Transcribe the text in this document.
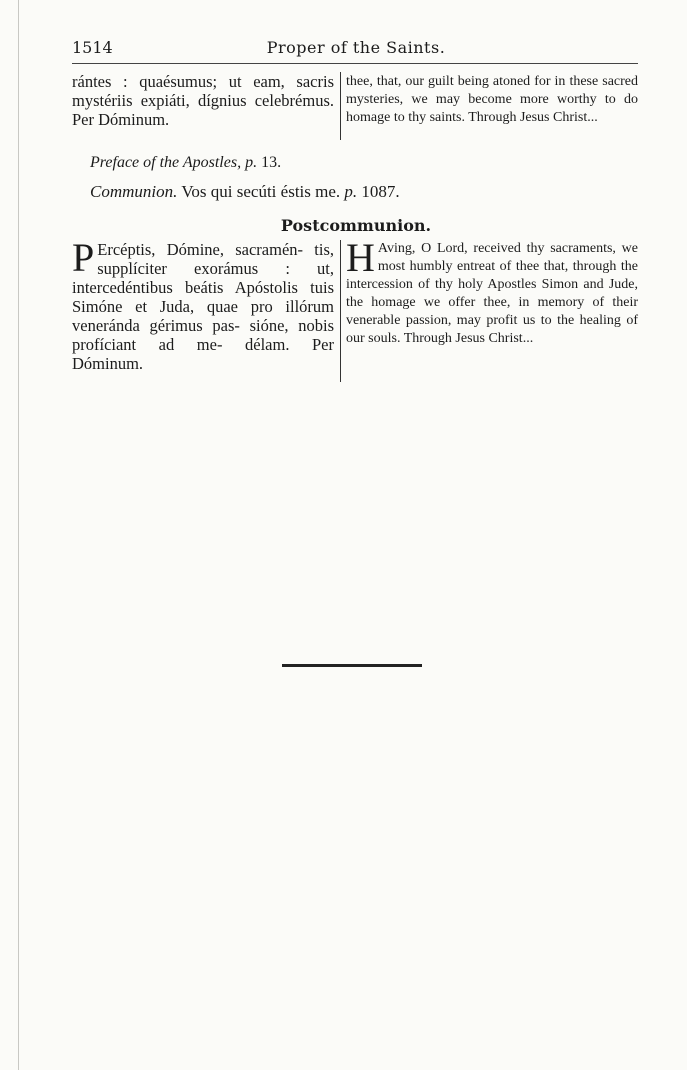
1514	Proper of the Saints.
rántes : quaésumus; ut eam, sacris mystériis expiáti, dígnius celebrémus. Per Dóminum.
thee, that, our guilt being atoned for in these sacred mysteries, we may become more worthy to do homage to thy saints. Through Jesus Christ...
Preface of the Apostles, p. 13.
Communion. Vos qui secúti éstis me. p. 1087.
Postcommunion.
P Ercéptis, Dómine, sacramén- tis, supplíciter exorámus : ut, intercedéntibus beátis Apóstolis tuis Simóne et Juda, quae pro illórum veneránda gérimus pas- sióne, nobis profíciant ad me- délam. Per Dóminum.
H Aving, O Lord, received thy sacraments, we most humbly entreat of thee that, through the intercession of thy holy Apostles Simon and Jude, the homage we offer thee, in memory of their venerable passion, may profit us to the healing of our souls. Through Jesus Christ...
